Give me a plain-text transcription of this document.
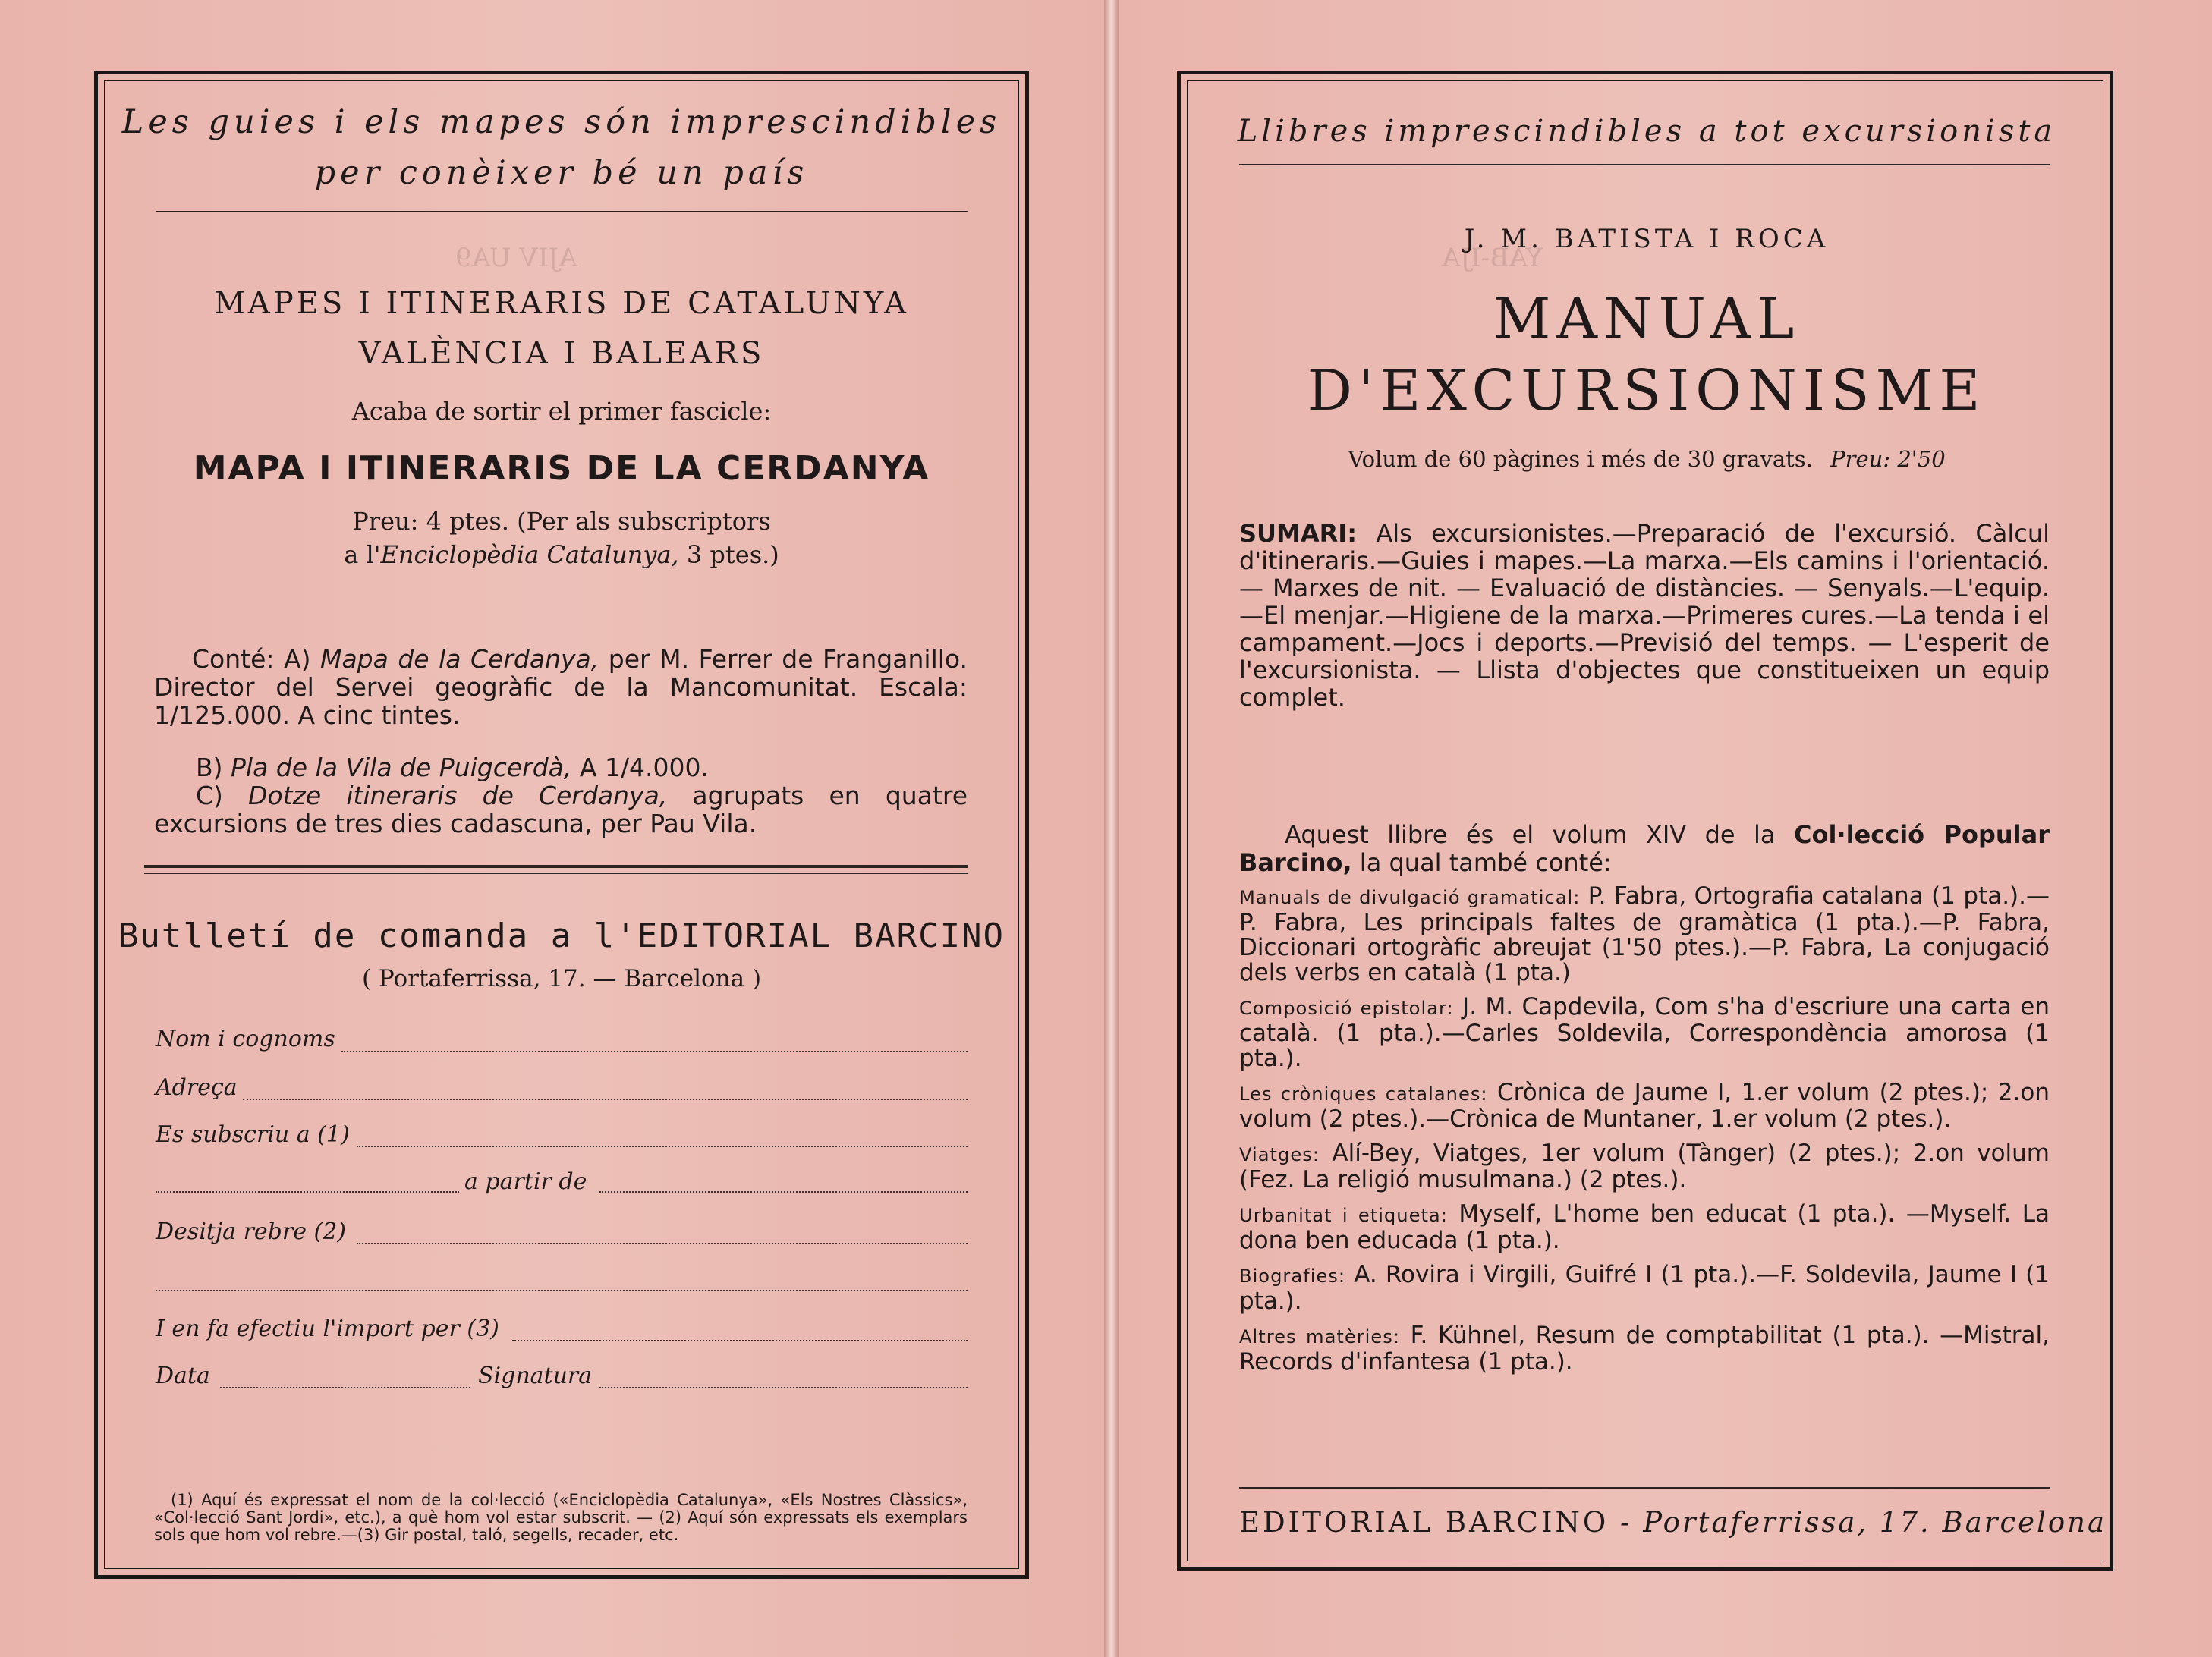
AJIV UA9	YAB-IJA
Les guies i els mapes són imprescindibles
per conèixer bé un país
MAPES I ITINERARIS DE CATALUNYA
VALÈNCIA I BALEARS
Acaba de sortir el primer fascicle:
MAPA I ITINERARIS DE LA CERDANYA
Preu: 4 ptes. (Per als subscriptors
a l'Enciclopèdia Catalunya, 3 ptes.)
Conté: A) Mapa de la Cerdanya, per M. Ferrer de Franganillo. Director del Servei geogràfic de la Mancomunitat. Escala: 1/125.000. A cinc tintes.
B) Pla de la Vila de Puigcerdà, A 1/4.000.
C) Dotze itineraris de Cerdanya, agrupats en quatre excursions de tres dies cadascuna, per Pau Vila.
Butlletí de comanda a l'EDITORIAL BARCINO
( Portaferrissa, 17. — Barcelona )
Nom i cognoms
Adreça
Es subscriu a (1)
a partir de
Desitja rebre (2)
I en fa efectiu l'import per (3)
Data	Signatura
(1) Aquí és expressat el nom de la col·lecció («Enciclopèdia Catalunya», «Els Nostres Clàssics», «Col·lecció Sant Jordi», etc.), a què hom vol estar subscrit. — (2) Aquí són expressats els exemplars sols que hom vol rebre.—(3) Gir postal, taló, segells, recader, etc.
Llibres imprescindibles a tot excursionista
J. M. BATISTA I ROCA
MANUAL
D'EXCURSIONISME
Volum de 60 pàgines i més de 30 gravats. Preu: 2'50
SUMARI: Als excursionistes.—Preparació de l'excursió. Càlcul d'itineraris.—Guies i mapes.—La marxa.—Els camins i l'orientació. — Marxes de nit. — Evaluació de distàncies. — Senyals.—L'equip.—El menjar.—Higiene de la marxa.—Primeres cures.—La tenda i el campament.—Jocs i deports.—Previsió del temps. — L'esperit de l'excursionista. — Llista d'objectes que constitueixen un equip complet.
Aquest llibre és el volum XIV de la Col·lecció Popular Barcino, la qual també conté:
Manuals de divulgació gramatical: P. Fabra, Ortografia catalana (1 pta.).—P. Fabra, Les principals faltes de gramàtica (1 pta.).—P. Fabra, Diccionari ortogràfic abreujat (1'50 ptes.).—P. Fabra, La conjugació dels verbs en català (1 pta.)
Composició epistolar: J. M. Capdevila, Com s'ha d'escriure una carta en català. (1 pta.).—Carles Soldevila, Correspondència amorosa (1 pta.).
Les cròniques catalanes: Crònica de Jaume I, 1.er volum (2 ptes.); 2.on volum (2 ptes.).—Crònica de Muntaner, 1.er volum (2 ptes.).
Viatges: Alí-Bey, Viatges, 1er volum (Tànger) (2 ptes.); 2.on volum (Fez. La religió musulmana.) (2 ptes.).
Urbanitat i etiqueta: Myself, L'home ben educat (1 pta.). —Myself. La dona ben educada (1 pta.).
Biografies: A. Rovira i Virgili, Guifré I (1 pta.).—F. Soldevila, Jaume I (1 pta.).
Altres matèries: F. Kühnel, Resum de comptabilitat (1 pta.). —Mistral, Records d'infantesa (1 pta.).
EDITORIAL BARCINO - Portaferrissa, 17. Barcelona
